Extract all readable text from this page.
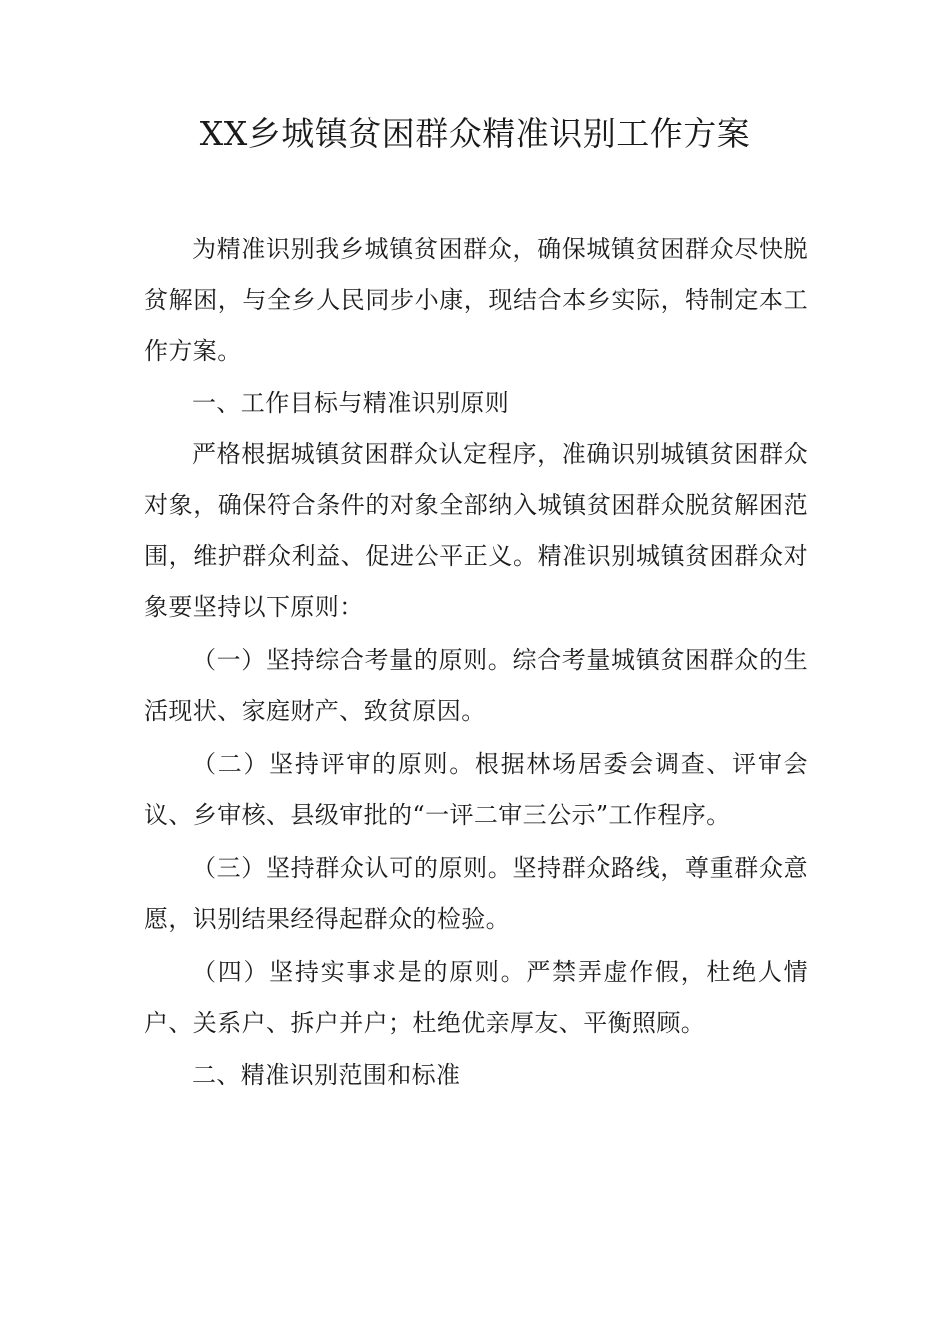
XX乡城镇贫困群众精准识别工作方案

为精准识别我乡城镇贫困群众，确保城镇贫困群众尽快脱贫解困，与全乡人民同步小康，现结合本乡实际，特制定本工作方案。

一、工作目标与精准识别原则

严格根据城镇贫困群众认定程序，准确识别城镇贫困群众对象，确保符合条件的对象全部纳入城镇贫困群众脱贫解困范围，维护群众利益、促进公平正义。精准识别城镇贫困群众对象要坚持以下原则：

（一）坚持综合考量的原则。综合考量城镇贫困群众的生活现状、家庭财产、致贫原因。

（二）坚持评审的原则。根据林场居委会调查、评审会议、乡审核、县级审批的“一评二审三公示”工作程序。

（三）坚持群众认可的原则。坚持群众路线，尊重群众意愿，识别结果经得起群众的检验。

（四）坚持实事求是的原则。严禁弄虚作假，杜绝人情户、关系户、拆户并户；杜绝优亲厚友、平衡照顾。

二、精准识别范围和标准
